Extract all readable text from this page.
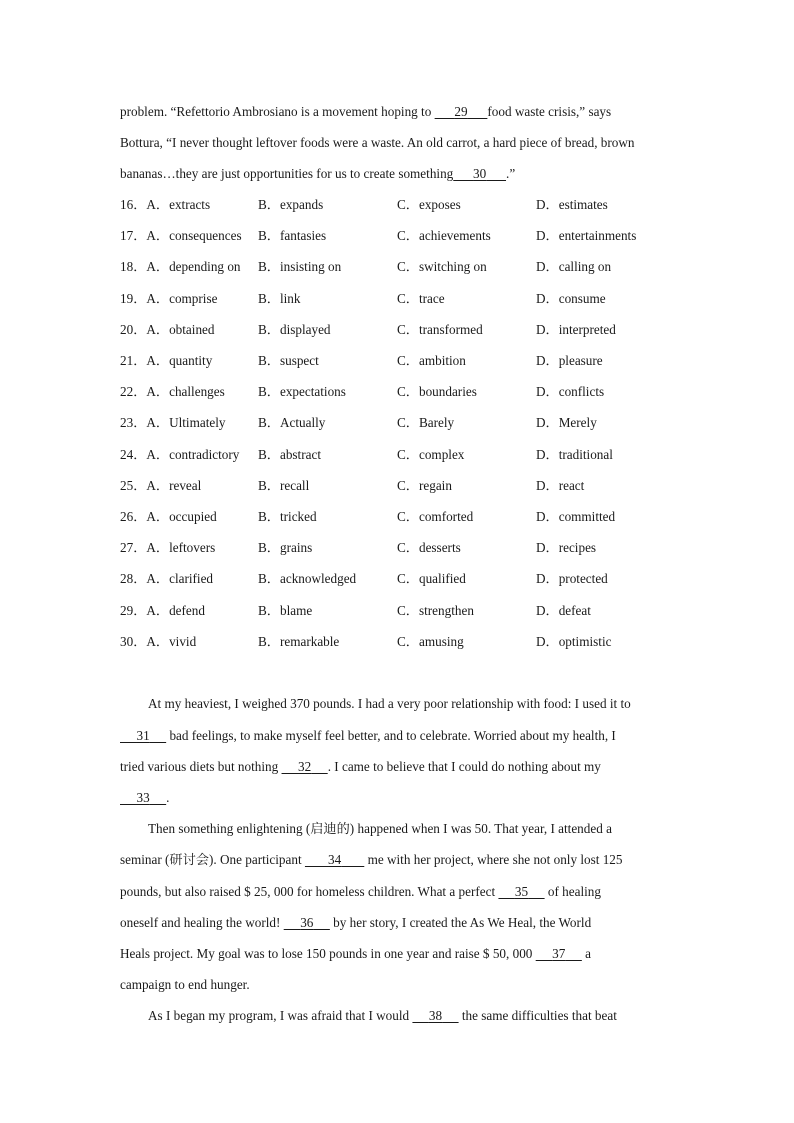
problem. “Refettorio Ambrosiano is a movement hoping to       29 food waste crisis,” says
Bottura, “I never thought leftover foods were a waste. An old carrot, a hard piece of bread, brown
bananas…they are just opportunities for us to create something 30 .”
16．A．extracts	B．expands	C．exposes	D．estimates
17．A．consequences B．fantasies	C．achievements	D．entertainments
18．A．depending on B．insisting on	C．switching on	D．calling on
19．A．comprise	B．link	C．trace	D．consume
20．A．obtained	B．displayed	C．transformed	D．interpreted
21．A．quantity	B．suspect	C．ambition	D．pleasure
22．A．challenges	B．expectations	C．boundaries	D．conflicts
23．A．Ultimately B．Actually	C．Barely	D．Merely
24．A．contradictory B．abstract	C．complex	D．traditional
25．A．reveal	B．recall	C．regain	D．react
26．A．occupied	B．tricked	C．comforted	D．committed
27．A．leftovers	B．grains	C．desserts	D．recipes
28．A．clarified	B．acknowledged	C．qualified	D．protected
29．A．defend	B．blame	C．strengthen	D．defeat
30．A．vivid	B．remarkable	C．amusing	D．optimistic
At my heaviest, I weighed 370 pounds. I had a very poor relationship with food: I used it to
31      bad feelings, to make myself feel better, and to celebrate. Worried about my health, I
tried various diets but nothing      32 . I came to believe that I could do nothing about my
33 .
Then something enlightening (启迪的) happened when I was 50. That year, I attended a
seminar (研讨会). One participant        34        me with her project, where she not only lost 125
pounds, but also raised $ 25, 000 for homeless children. What a perfect      35      of healing
oneself and healing the world!      36      by her story, I created the As We Heal, the World
Heals project. My goal was to lose 150 pounds in one year and raise $ 50, 000      37      a
campaign to end hunger.
As I began my program, I was afraid that I would      38      the same difficulties that beat
